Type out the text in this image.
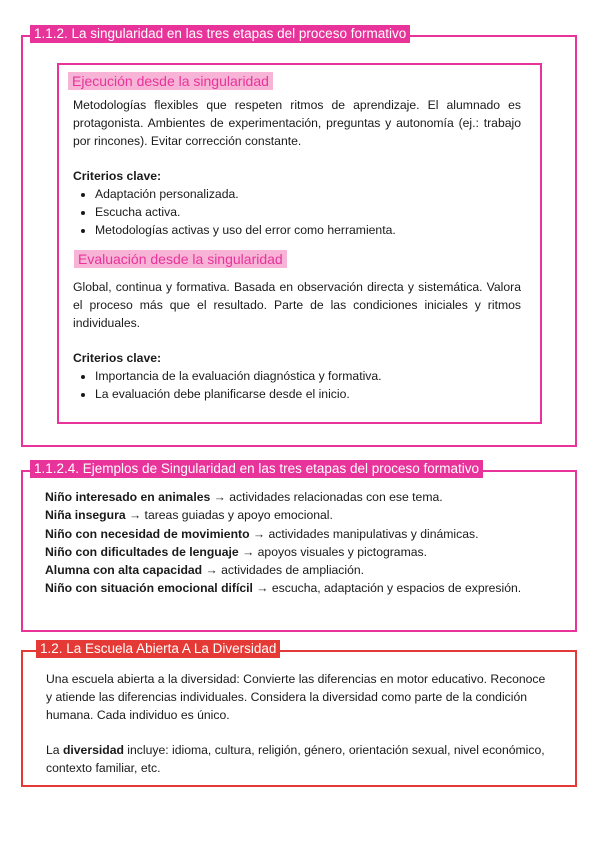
1.1.2. La singularidad en las tres etapas del proceso formativo
Ejecución desde la singularidad

Metodologías flexibles que respeten ritmos de aprendizaje. El alumnado es protagonista. Ambientes de experimentación, preguntas y autonomía (ej.: trabajo por rincones). Evitar corrección constante.

Criterios clave:

• Adaptación personalizada.
• Escucha activa.
• Metodologías activas y uso del error como herramienta.
Evaluación desde la singularidad

Global, continua y formativa. Basada en observación directa y sistemática. Valora el proceso más que el resultado. Parte de las condiciones iniciales y ritmos individuales.

Criterios clave:

• Importancia de la evaluación diagnóstica y formativa.
• La evaluación debe planificarse desde el inicio.
1.1.2.4. Ejemplos de Singularidad en las tres etapas del proceso formativo

Niño interesado en animales → actividades relacionadas con ese tema.

Niña insegura → tareas guiadas y apoyo emocional.

Niño con necesidad de movimiento → actividades manipulativas y dinámicas.

Niño con dificultades de lenguaje → apoyos visuales y pictogramas.

Alumna con alta capacidad → actividades de ampliación.

Niño con situación emocional difícil → escucha, adaptación y espacios de expresión.

1.2. La Escuela Abierta A La Diversidad

Una escuela abierta a la diversidad: Convierte las diferencias en motor educativo. Reconoce y atiende las diferencias individuales. Considera la diversidad como parte de la condición humana. Cada individuo es único.

La diversidad incluye: idioma, cultura, religión, género, orientación sexual, nivel económico, contexto familiar, etc.
